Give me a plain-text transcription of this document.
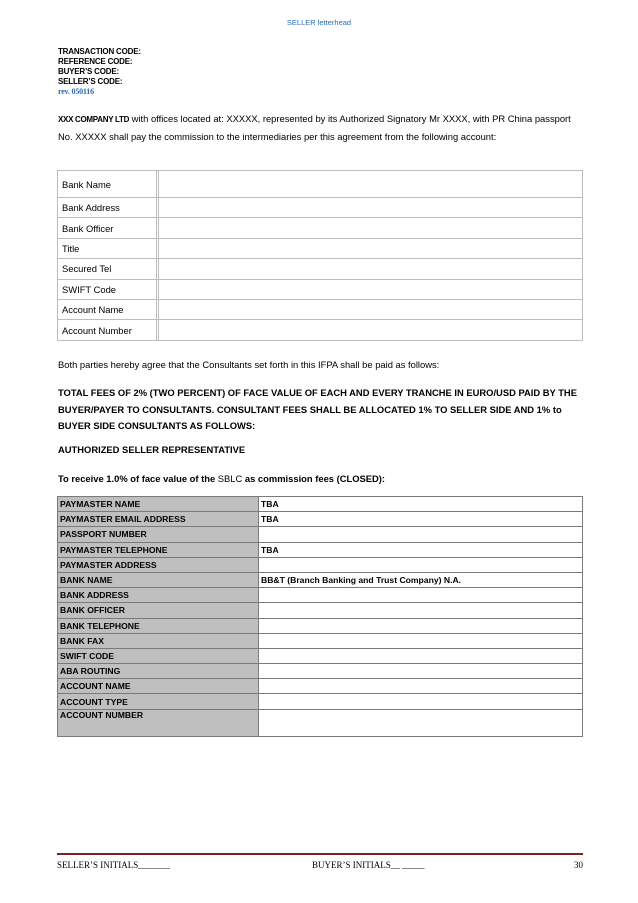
SELLER letterhead
TRANSACTION CODE:
REFERENCE CODE:
BUYER’S CODE:
SELLER’S CODE:
rev. 050116
XXX COMPANY LTD with offices located at: XXXXX, represented by its Authorized Signatory Mr XXXX, with PR China passport No. XXXXX shall pay the commission to the intermediaries per this agreement from the following account:
Bank Name		
Bank Address		
Bank Officer		
Title		
Secured Tel		
SWIFT Code		
Account Name		
Account Number		
Both parties hereby agree that the Consultants set forth in this IFPA shall be paid as follows:
TOTAL FEES OF 2% (TWO PERCENT) OF FACE VALUE OF EACH AND EVERY TRANCHE IN EURO/USD PAID BY THE BUYER/PAYER TO CONSULTANTS. CONSULTANT FEES SHALL BE ALLOCATED 1% TO SELLER SIDE AND 1% to BUYER SIDE CONSULTANTS AS FOLLOWS:
AUTHORIZED SELLER REPRESENTATIVE
To receive 1.0% of face value of the SBLC as commission fees (CLOSED):
PAYMASTER NAME	TBA
PAYMASTER EMAIL ADDRESS	TBA
PASSPORT NUMBER	
PAYMASTER TELEPHONE	TBA
PAYMASTER ADDRESS	
BANK NAME	BB&T (Branch Banking and Trust Company) N.A.
BANK ADDRESS	
BANK OFFICER	
BANK TELEPHONE	
BANK FAX	
SWIFT CODE	
ABA ROUTING	
ACCOUNT NAME	
ACCOUNT TYPE	
ACCOUNT NUMBER	
SELLER’S INITIALS_______	BUYER’S INITIALS__ _____	30
